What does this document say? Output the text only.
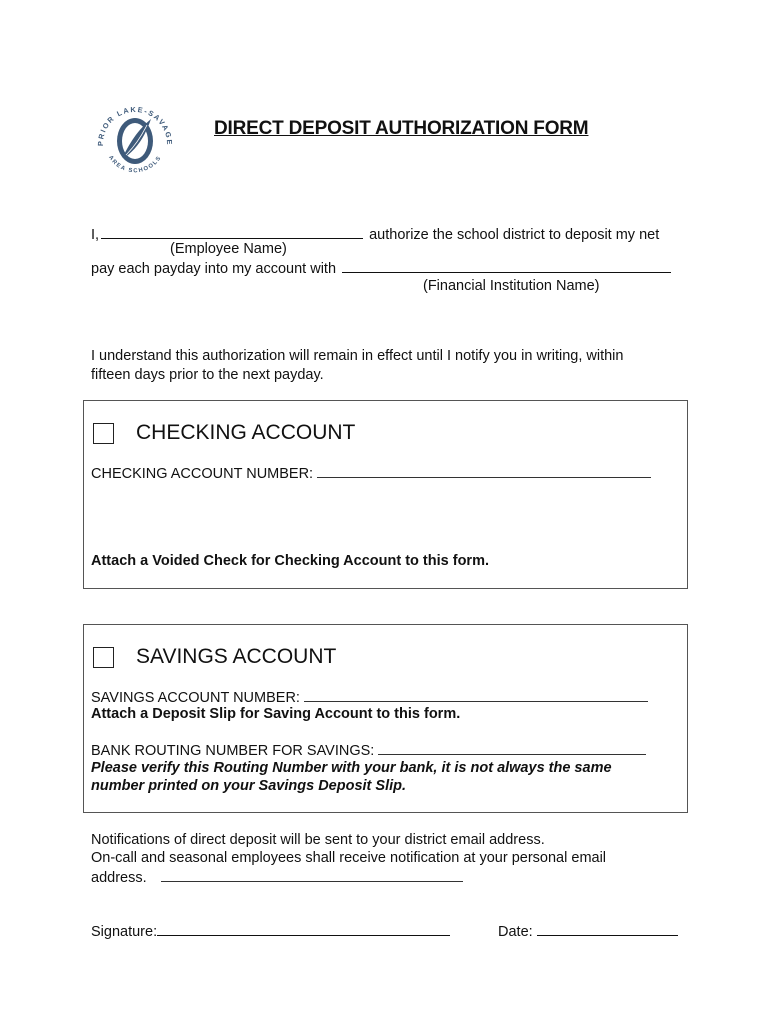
PRIOR LAKE-SAVAGE
AREA SCHOOLS
DIRECT DEPOSIT AUTHORIZATION FORM
I,	authorize the school district to deposit my net
(Employee Name)
pay each payday into my account with
(Financial Institution Name)
I understand this authorization will remain in effect until I notify you in writing, within
fifteen days prior to the next payday.
CHECKING ACCOUNT
CHECKING ACCOUNT NUMBER:
Attach a Voided Check for Checking Account to this form.
SAVINGS ACCOUNT
SAVINGS ACCOUNT NUMBER:
Attach a Deposit Slip for Saving Account to this form.
BANK ROUTING NUMBER FOR SAVINGS:
Please verify this Routing Number with your bank, it is not always the same
number printed on your Savings Deposit Slip.
Notifications of direct deposit will be sent to your district email address.
On-call and seasonal employees shall receive notification at your personal email
address.
Signature:	Date:
